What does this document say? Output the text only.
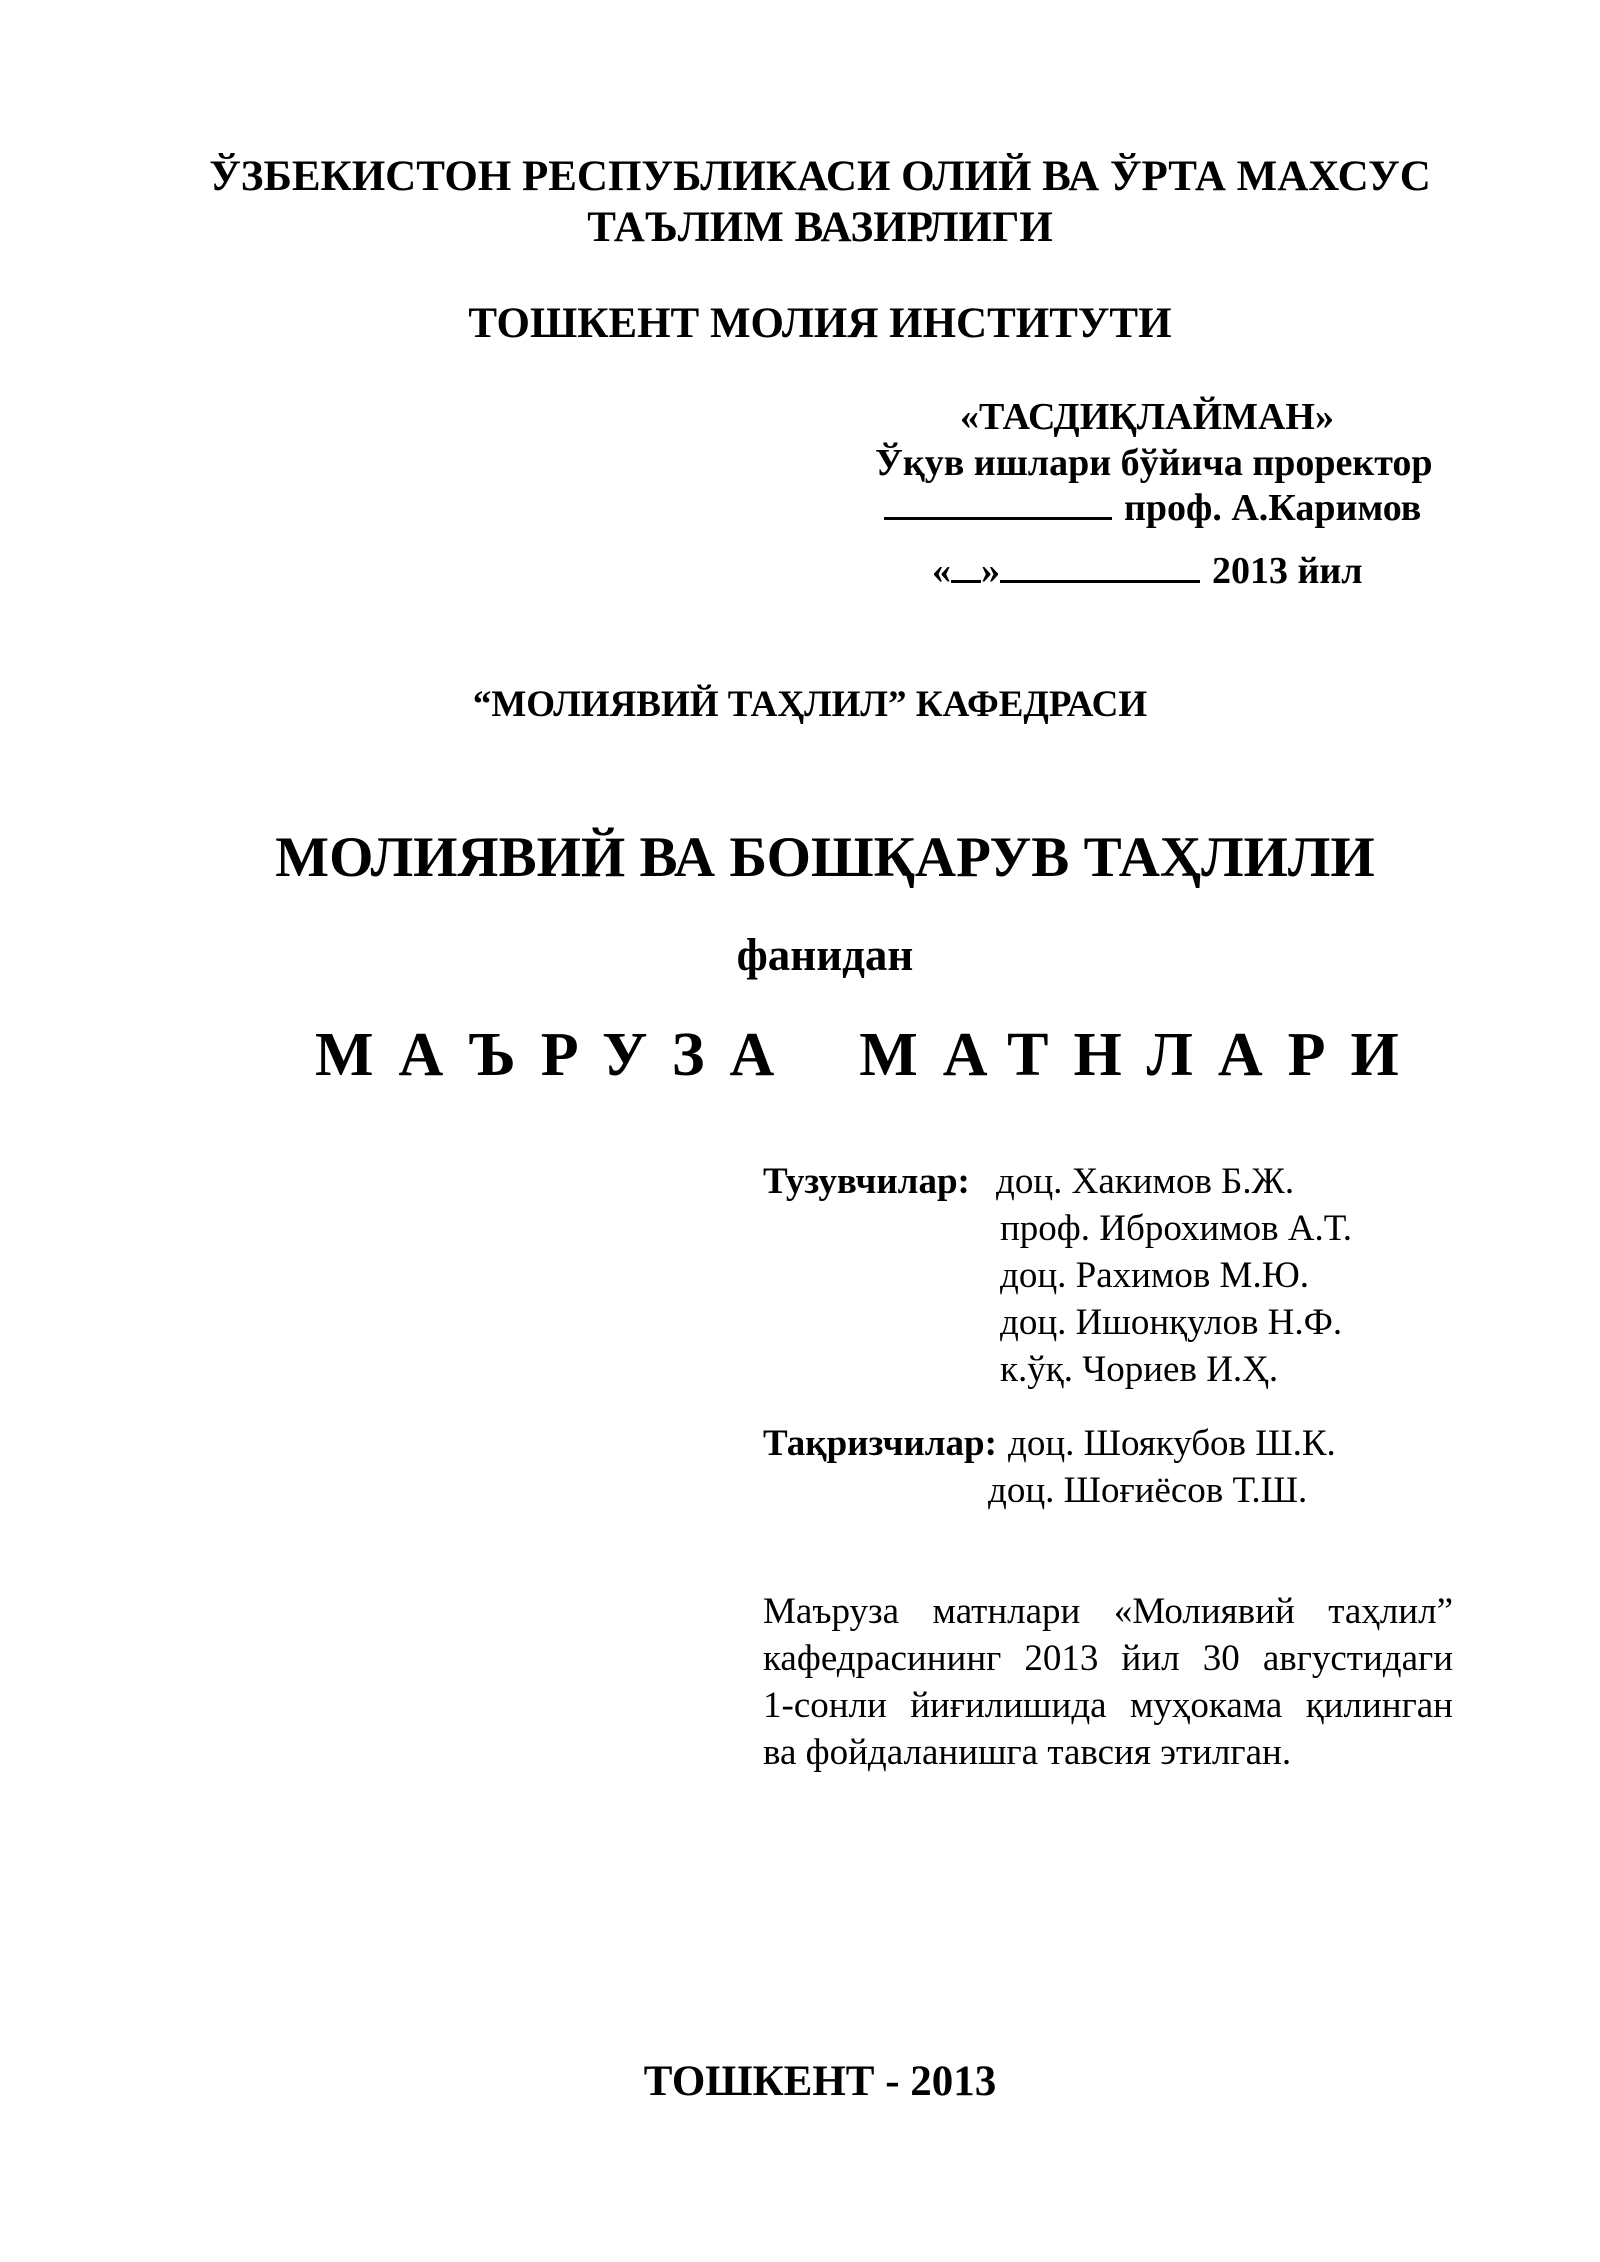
ЎЗБЕКИСТОН РЕСПУБЛИКАСИ ОЛИЙ ВА ЎРТА МАХСУС
ТАЪЛИМ ВАЗИРЛИГИ
ТОШКЕНТ МОЛИЯ ИНСТИТУТИ
«ТАСДИҚЛАЙМАН»
Ўқув ишлари бўйича проректор
проф. А.Каримов
« »	2013 йил
“МОЛИЯВИЙ ТАҲЛИЛ” КАФЕДРАСИ
МОЛИЯВИЙ ВА БОШҚАРУВ ТАҲЛИЛИ
фанидан
МАЪРУЗА МАТНЛАРИ
Тузувчилар: доц. Хакимов Б.Ж.
проф. Иброхимов А.Т.
доц. Рахимов М.Ю.
доц. Ишонқулов Н.Ф.
к.ўқ. Чориев И.Ҳ.
Тақризчилар: доц. Шоякубов Ш.К.
доц. Шоғиёсов Т.Ш.
Маъруза матнлари «Молиявий таҳлил”
кафедрасининг 2013 йил 30 августидаги
1-сонли йиғилишида муҳокама қилинган
ва фойдаланишга тавсия этилган.
ТОШКЕНТ - 2013
